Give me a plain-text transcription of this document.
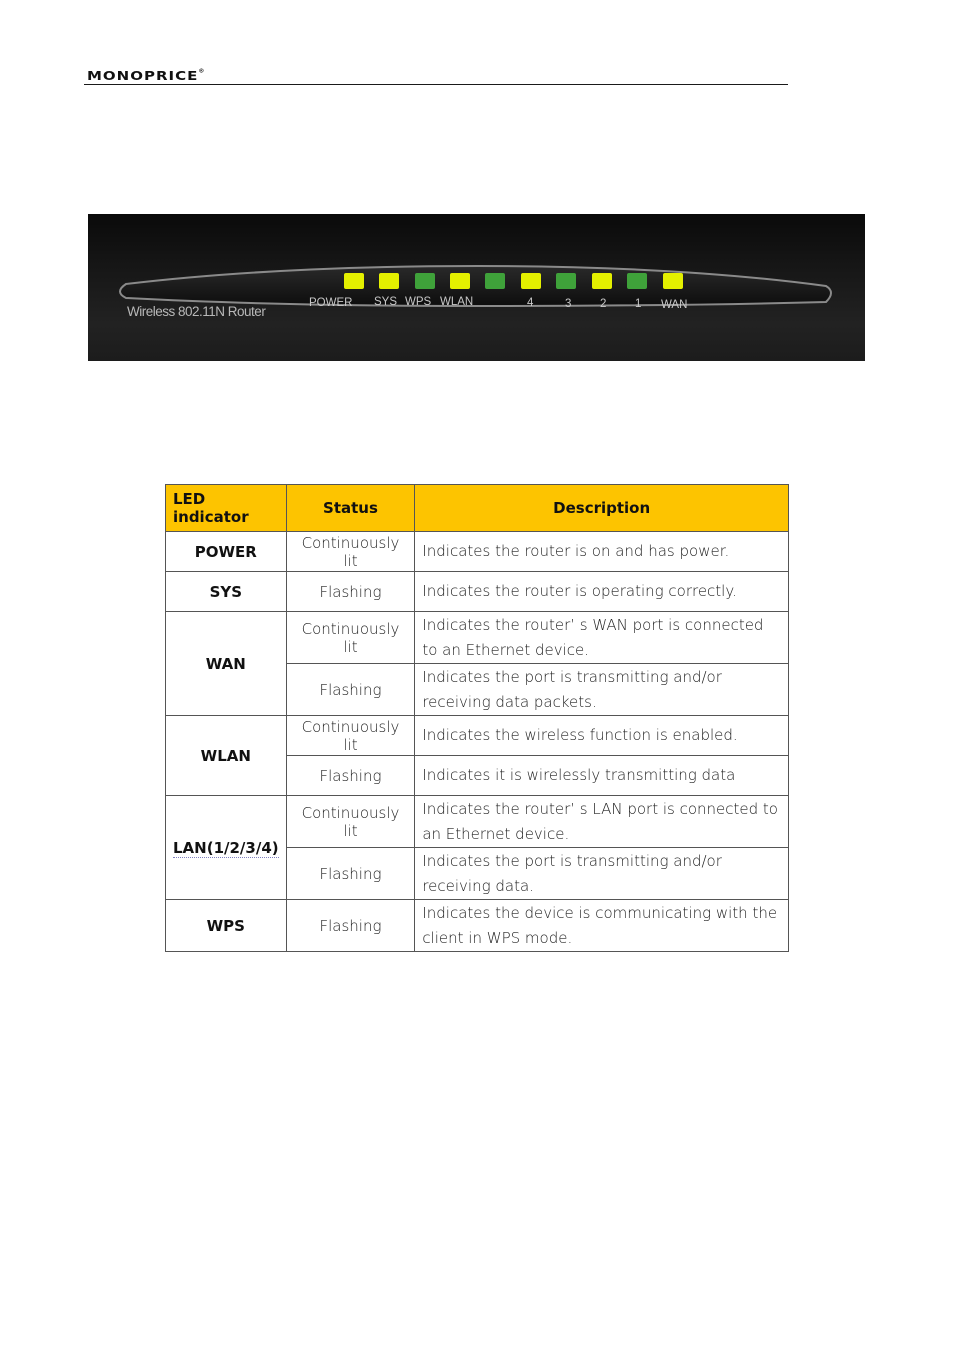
MONOPRICE®
Wireless 802.11N Router
POWER SYS WPS WLAN	4	3 2 1 WAN
LED indicator	Status	Description
POWER	Continuously lit	Indicates the router is on and has power.
SYS	Flashing	Indicates the router is operating correctly.
WAN	Continuously lit	Indicates the router’ s WAN port is connected to an Ethernet device.
	Flashing	Indicates the port is transmitting and/or receiving data packets.
WLAN	Continuously lit	Indicates the wireless function is enabled.
	Flashing	Indicates it is wirelessly transmitting data
LAN(1/2/3/4)	Continuously lit	Indicates the router’ s LAN port is connected to an Ethernet device.
	Flashing	Indicates the port is transmitting and/or receiving data.
WPS	Flashing	Indicates the device is communicating with the client in WPS mode.
